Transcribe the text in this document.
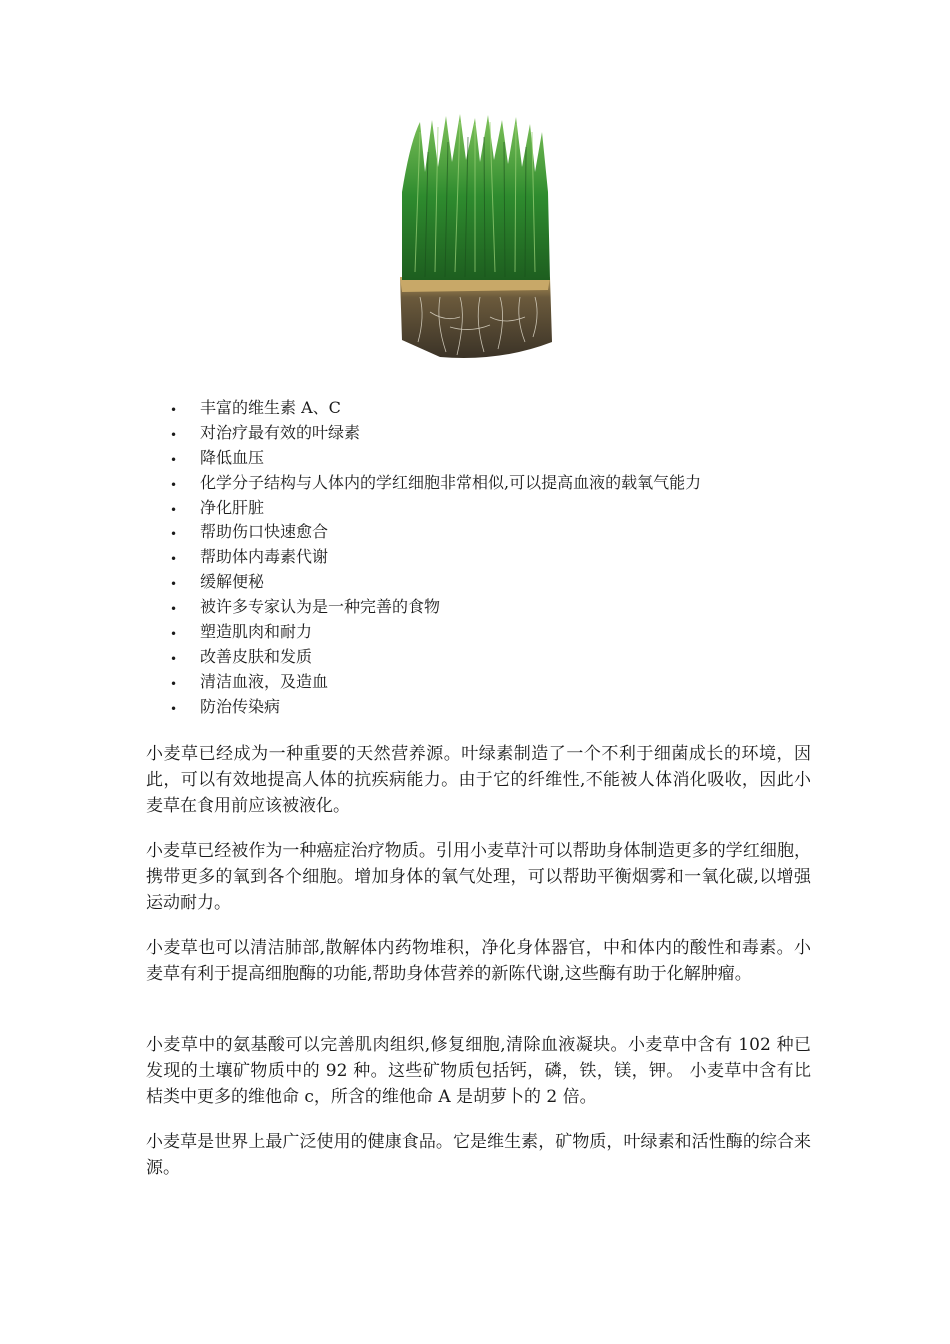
• 丰富的维生素 A、C
• 对治疗最有效的叶绿素
• 降低血压
• 化学分子结构与人体内的学红细胞非常相似,可以提高血液的载氧气能力
• 净化肝脏
• 帮助伤口快速愈合
• 帮助体内毒素代谢
• 缓解便秘
• 被许多专家认为是一种完善的食物
• 塑造肌肉和耐力
• 改善皮肤和发质
• 清洁血液，及造血
• 防治传染病

小麦草已经成为一种重要的天然营养源。叶绿素制造了一个不利于细菌成长的环境，因此，可以有效地提高人体的抗疾病能力。由于它的纤维性,不能被人体消化吸收，因此小麦草在食用前应该被液化。

小麦草已经被作为一种癌症治疗物质。引用小麦草汁可以帮助身体制造更多的学红细胞，携带更多的氧到各个细胞。增加身体的氧气处理，可以帮助平衡烟雾和一氧化碳,以增强运动耐力。

小麦草也可以清洁肺部,散解体内药物堆积，净化身体器官，中和体内的酸性和毒素。小麦草有利于提高细胞酶的功能,帮助身体营养的新陈代谢,这些酶有助于化解肿瘤。

小麦草中的氨基酸可以完善肌肉组织,修复细胞,清除血液凝块。小麦草中含有 102 种已发现的土壤矿物质中的 92 种。这些矿物质包括钙，磷，铁，镁，钾。 小麦草中含有比桔类中更多的维他命 c，所含的维他命 A 是胡萝卜的 2 倍。

小麦草是世界上最广泛使用的健康食品。它是维生素，矿物质，叶绿素和活性酶的综合来源。
